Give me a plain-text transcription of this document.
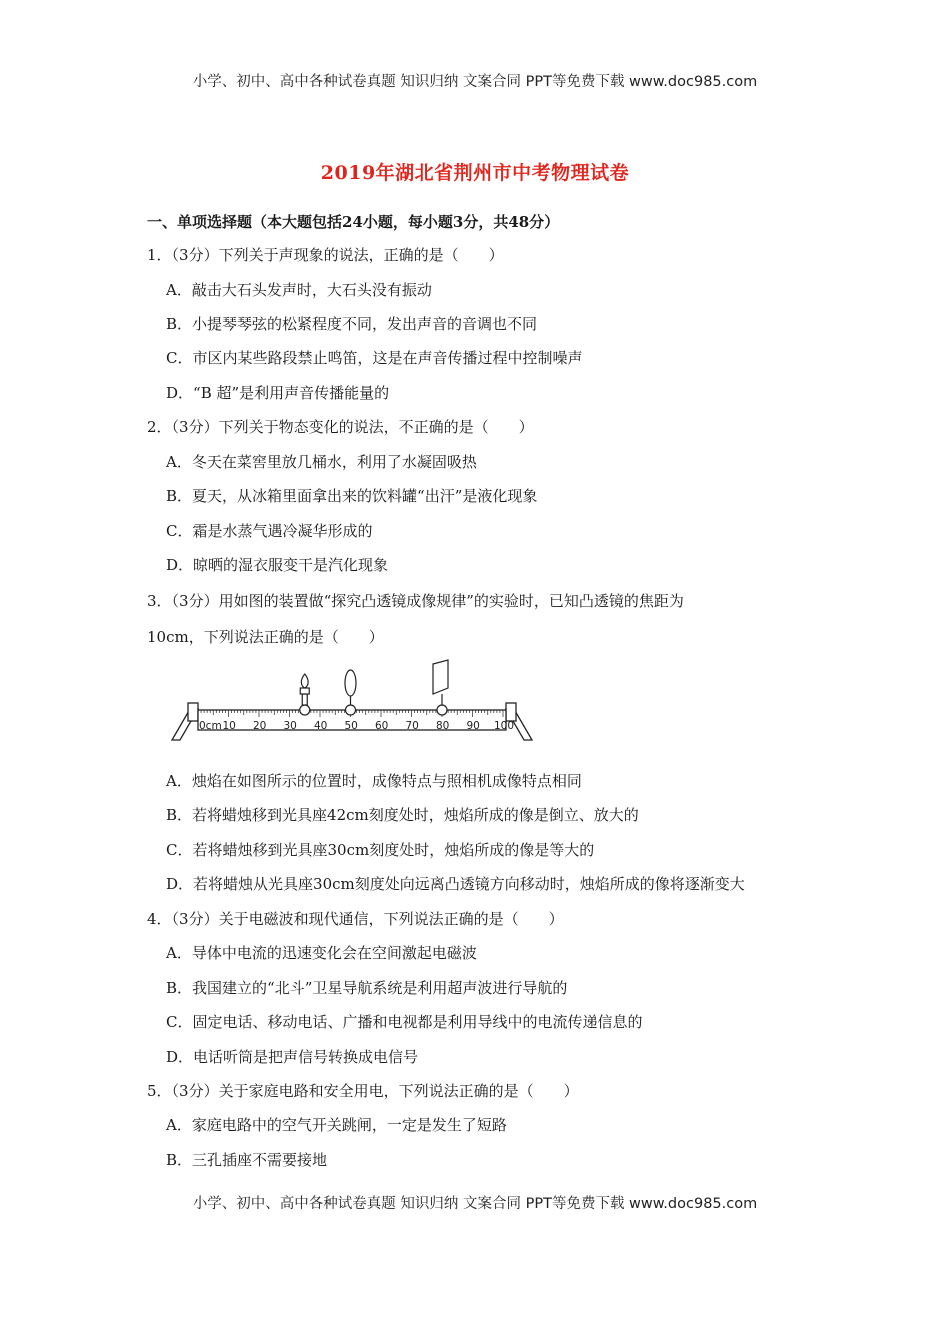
小学、初中、高中各种试卷真题 知识归纳 文案合同 PPT等免费下载 www.doc985.com
2019年湖北省荆州市中考物理试卷
一、单项选择题（本大题包括24小题，每小题3分，共48分）
1．（3分）下列关于声现象的说法，正确的是（　　）
A．敲击大石头发声时，大石头没有振动
B．小提琴琴弦的松紧程度不同，发出声音的音调也不同
C．市区内某些路段禁止鸣笛，这是在声音传播过程中控制噪声
D．“B 超”是利用声音传播能量的
2．（3分）下列关于物态变化的说法，不正确的是（　　）
A．冬天在菜窖里放几桶水，利用了水凝固吸热
B．夏天，从冰箱里面拿出来的饮料罐“出汗”是液化现象
C．霜是水蒸气遇冷凝华形成的
D．晾晒的湿衣服变干是汽化现象
3．（3分）用如图的装置做“探究凸透镜成像规律”的实验时，已知凸透镜的焦距为
10cm，下列说法正确的是（　　）
10 20 30 40 50 60 70 80 90 100
0cm
A．烛焰在如图所示的位置时，成像特点与照相机成像特点相同
B．若将蜡烛移到光具座42cm刻度处时，烛焰所成的像是倒立、放大的
C．若将蜡烛移到光具座30cm刻度处时，烛焰所成的像是等大的
D．若将蜡烛从光具座30cm刻度处向远离凸透镜方向移动时，烛焰所成的像将逐渐变大
4．（3分）关于电磁波和现代通信，下列说法正确的是（　　）
A．导体中电流的迅速变化会在空间激起电磁波
B．我国建立的“北斗”卫星导航系统是利用超声波进行导航的
C．固定电话、移动电话、广播和电视都是利用导线中的电流传递信息的
D．电话听筒是把声信号转换成电信号
5．（3分）关于家庭电路和安全用电，下列说法正确的是（　　）
A．家庭电路中的空气开关跳闸，一定是发生了短路
B．三孔插座不需要接地
小学、初中、高中各种试卷真题 知识归纳 文案合同 PPT等免费下载 www.doc985.com
